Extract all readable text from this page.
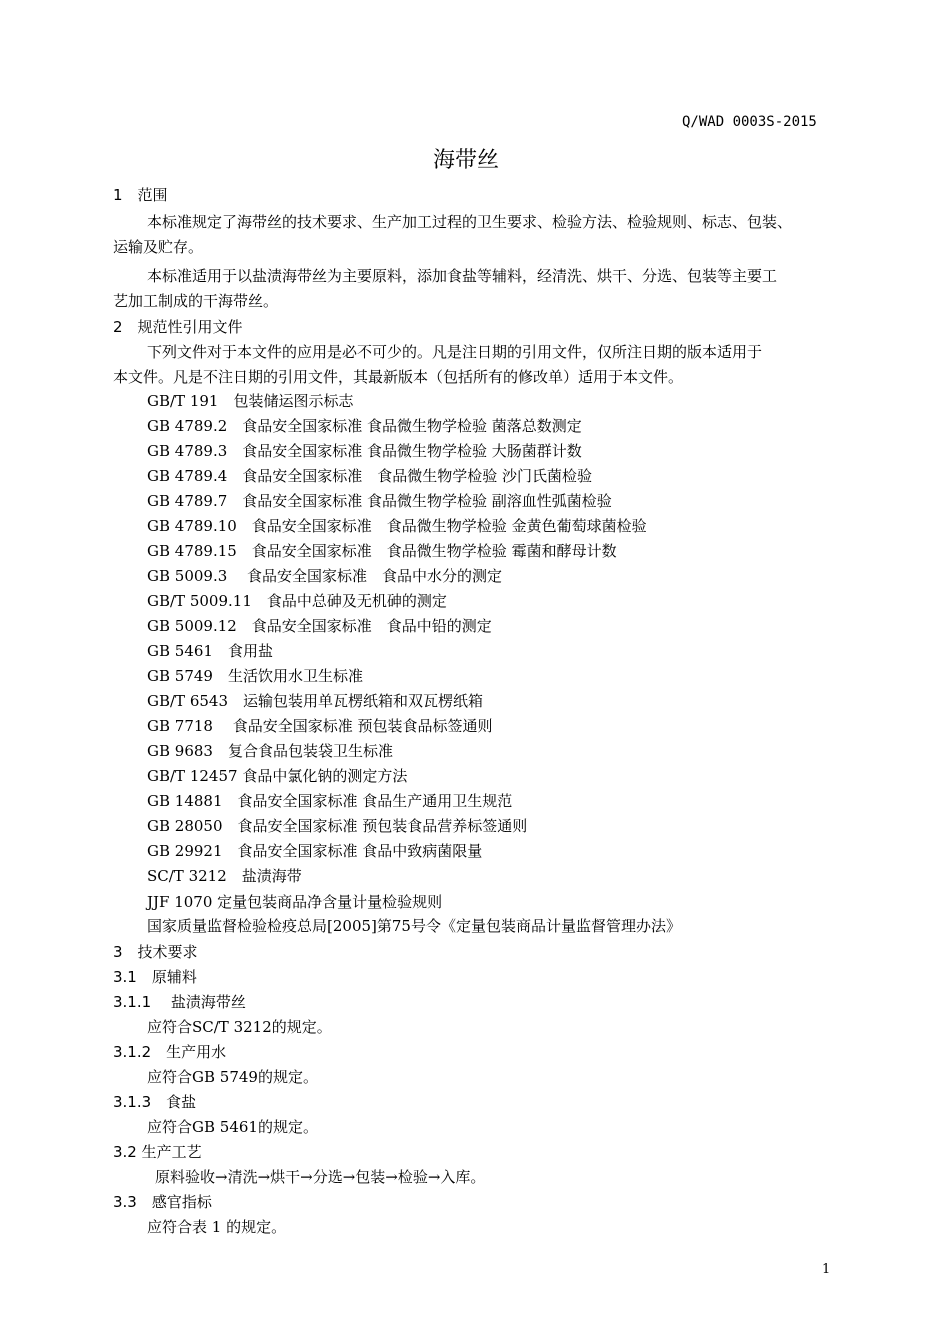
Q/WAD 0003S-2015
海带丝
1　范围
本标准规定了海带丝的技术要求、生产加工过程的卫生要求、检验方法、检验规则、标志、包装、
运输及贮存。
本标准适用于以盐渍海带丝为主要原料，添加食盐等辅料，经清洗、烘干、分选、包装等主要工
艺加工制成的干海带丝。
2　规范性引用文件
下列文件对于本文件的应用是必不可少的。凡是注日期的引用文件，仅所注日期的版本适用于
本文件。凡是不注日期的引用文件，其最新版本（包括所有的修改单）适用于本文件。
GB/T 191　包装储运图示标志
GB 4789.2　食品安全国家标准 食品微生物学检验 菌落总数测定
GB 4789.3　食品安全国家标准 食品微生物学检验 大肠菌群计数
GB 4789.4　食品安全国家标准　食品微生物学检验 沙门氏菌检验
GB 4789.7　食品安全国家标准 食品微生物学检验 副溶血性弧菌检验
GB 4789.10　食品安全国家标准　食品微生物学检验 金黄色葡萄球菌检验
GB 4789.15　食品安全国家标准　食品微生物学检验 霉菌和酵母计数
GB 5009.3　 食品安全国家标准　食品中水分的测定
GB/T 5009.11　食品中总砷及无机砷的测定
GB 5009.12　食品安全国家标准　食品中铅的测定
GB 5461　食用盐
GB 5749　生活饮用水卫生标准
GB/T 6543　运输包装用单瓦楞纸箱和双瓦楞纸箱
GB 7718　 食品安全国家标准 预包装食品标签通则
GB 9683　复合食品包装袋卫生标准
GB/T 12457 食品中氯化钠的测定方法
GB 14881　食品安全国家标准 食品生产通用卫生规范
GB 28050　食品安全国家标准 预包装食品营养标签通则
GB 29921　食品安全国家标准 食品中致病菌限量
SC/T 3212　盐渍海带
JJF 1070 定量包装商品净含量计量检验规则
国家质量监督检验检疫总局[2005]第75号令《定量包装商品计量监督管理办法》
3　技术要求
3.1　原辅料
3.1.1　 盐渍海带丝
应符合SC/T 3212的规定。
3.1.2　生产用水
应符合GB 5749的规定。
3.1.3　食盐
应符合GB 5461的规定。
3.2 生产工艺
原料验收→清洗→烘干→分选→包装→检验→入库。
3.3　感官指标
应符合表 1 的规定。
1
